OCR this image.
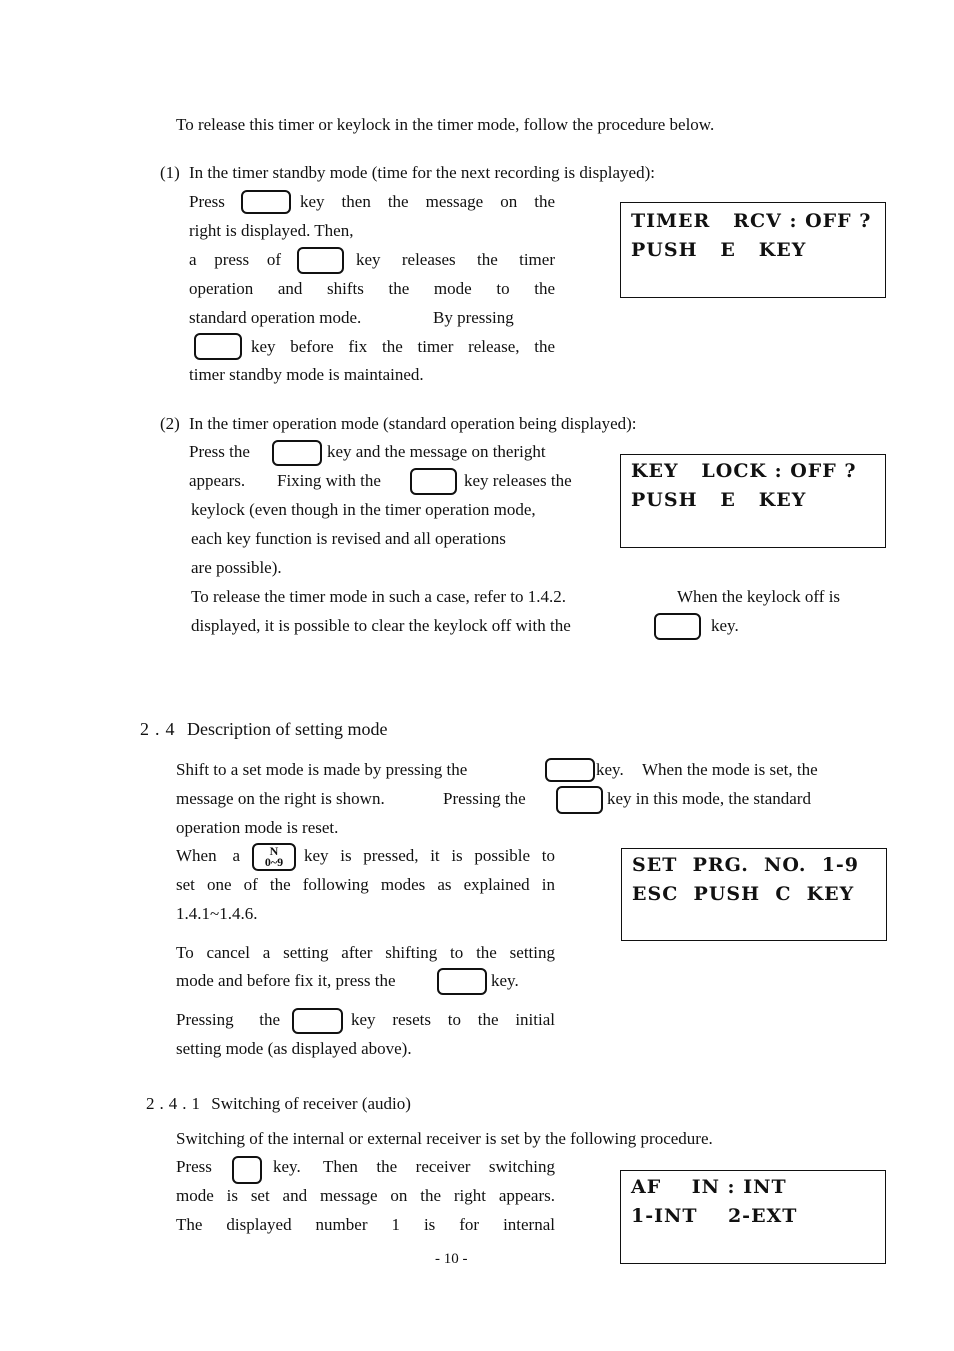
To release this timer or keylock in the timer mode, follow the procedure below.
(1) In the timer standby mode (time for the next recording is displayed):
Press	key then the message on the
right is displayed. Then,
a press of	key releases the timer
operation and shifts the mode to the
standard operation mode.	By pressing
key before fix the timer release, the
timer standby mode is maintained.
TIMER   RCV : OFF ?
PUSH   E   KEY
(2) In the timer operation mode (standard operation being displayed):
Press the	key and the message on theright
appears. Fixing with the	key releases the
keylock (even though in the timer operation mode,
each key function is revised and all operations
are possible).
To release the timer mode in such a case, refer to 1.4.2.	When the keylock off is
displayed, it is possible to clear the keylock off with the	key.
KEY   LOCK : OFF ?
PUSH   E   KEY
2.4 Description of setting mode
Shift to a set mode is made by pressing the	key. When the mode is set, the
message on the right is shown.	Pressing the	key in this mode, the standard
operation mode is reset.
When a	N
0~9	key is pressed, it is possible to
set one of the following modes as explained in
1.4.1~1.4.6.
To cancel a setting after shifting to the setting
mode and before fix it, press the	key.
Pressing the	key resets to the initial
setting mode (as displayed above).
SET  PRG.  NO.  1-9
ESC  PUSH  C  KEY
2.4.1 Switching of receiver (audio)
Switching of the internal or external receiver is set by the following procedure.
Press	key. Then the receiver switching
mode is set and message on the right appears.
The displayed number 1 is for internal
AF    IN : INT
1-INT    2-EXT
- 10 -
